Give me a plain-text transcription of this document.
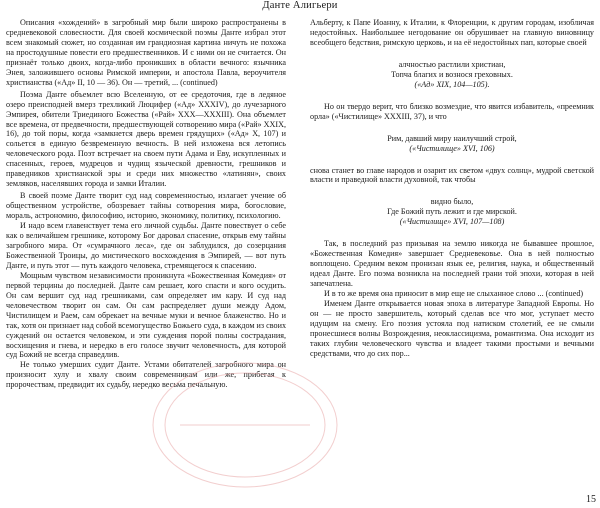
Данте Алигьери

Описания «хождений» в загробный мир были широко распространены в средневековой словесности. Для своей космической поэмы Данте избрал этот всем знакомый сюжет, но созданная им грандиозная картина ничуть не похожа на простодушные повести его предшественников. И с ними он не считается. Он признаёт только двоих, когда-либо проникших в области вечного: язычника Энея, заложившего основы Римской империи, и апостола Павла, вероучителя христианства («Ад» II, 10 — 36). Он — третий, ... (continued)

Поэма Данте объемлет всю Вселенную, от ее средоточия, где в ледяное озеро преисподней вмерз трехликий Люцифер («Ад» XXXIV), до лучезарного Эмпирея, обители Триединого Божества («Рай» XXX—XXXIII). Она объемлет все времена, от предвечности, предшествующей сотворению мира («Рай» XXIX, 16), до той поры, когда «замкнется дверь времен грядущих» («Ад» X, 107) и сольется в единую безвременную вечность. В ней изложена вся летопись человеческого рода. Поэт встречает на своем пути Адама и Еву, искупленных и спасенных, героев, мудрецов и чудищ языческой древности, грешников и праведников христианской эры и среди них множество «латинян», своих земляков, населявших города и замки Италии.

В своей поэме Данте творит суд над современностью, излагает учение об общественном устройстве, обозревает тайны сотворения мира, богословие, мораль, астрономию, философию, историю, экономику, политику, психологию.

И надо всем главенствует тема его личной судьбы. Данте повествует о себе как о величайшем грешнике, которому Бог даровал спасение, открыв ему тайны загробного мира. От «сумрачного леса», где он заблудился, до созерцания Божественной Троицы, до мистического восхождения в Эмпирей, — вот путь Данте, и путь этот — путь каждого человека, стремящегося к спасению.

Мощным чувством независимости проникнута «Божественная Комедия» от первой терцины до последней. Данте сам решает, кого спасти и кого осудить. Он сам вершит суд над грешниками, сам определяет им кару. И суд над человечеством творит он сам. Он сам распределяет души между Адом, Чистилищем и Раем, сам обрекает на вечные муки и вечное блаженство. Но и так, хотя он признает над собой всемогущество Божьего суда, в каждом из своих суждений он остается человеком, и эти суждения порой полны сострадания, восхищения и гнева, и нередко в его голосе звучит человечность, для которой суд Божий не всегда справедлив.

Не только умерших судит Данте. Устами обитателей загробного мира он произносит хулу и хвалу своим современникам или же, прибегая к пророчествам, предвидит их судьбу, нередко весьма печальную.

Альберту, к Папе Иоанну, к Италии, к Флоренции, к другим городам, изобличая недостойных. Наибольшее негодование он обрушивает на главную виновницу всеобщего бедствия, римскую церковь, и на её недостойных пап, которые своей

алчностью растлили христиан,
Топча благих и вознося греховных.
(«Ад» XIX, 104—105).

Но он твердо верит, что близко возмездие, что явится избавитель, «преемник орла» («Чистилище» XXXIII, 37), и что

Рим, давший миру наилучший строй,
(«Чистилище» XVI, 106)

снова станет во главе народов и озарит их светом «двух солнц», мудрой светской власти и праведной власти духовной, так чтобы

видно было,
Где Божий путь лежит и где мирской.
(«Чистилище» XVI, 107—108)

Так, в последний раз призывая на землю никогда не бывавшее прошлое, «Божественная Комедия» завершает Средневековье. Она в ней полностью воплощено. Средним веком пронизан язык ее, религия, наука, и общественный идеал Данте. Его поэма возникла на последней грани той эпохи, которая в ней запечатлена.

И в то же время она приносит в мир еще не слыханное слово ... (continued)

Именем Данте открывается новая эпоха в литературе Западной Европы. Но он — не просто завершитель, который сделав все что мог, уступает место идущим на смену. Его поэзия устояла под натиском столетий, ее не смыли пронесшиеся волны Возрождения, неоклассицизма, романтизма. Она исходит из таких глубин человеческого чувства и владеет такими простыми и вечными средствами, что до сих пор...

15
